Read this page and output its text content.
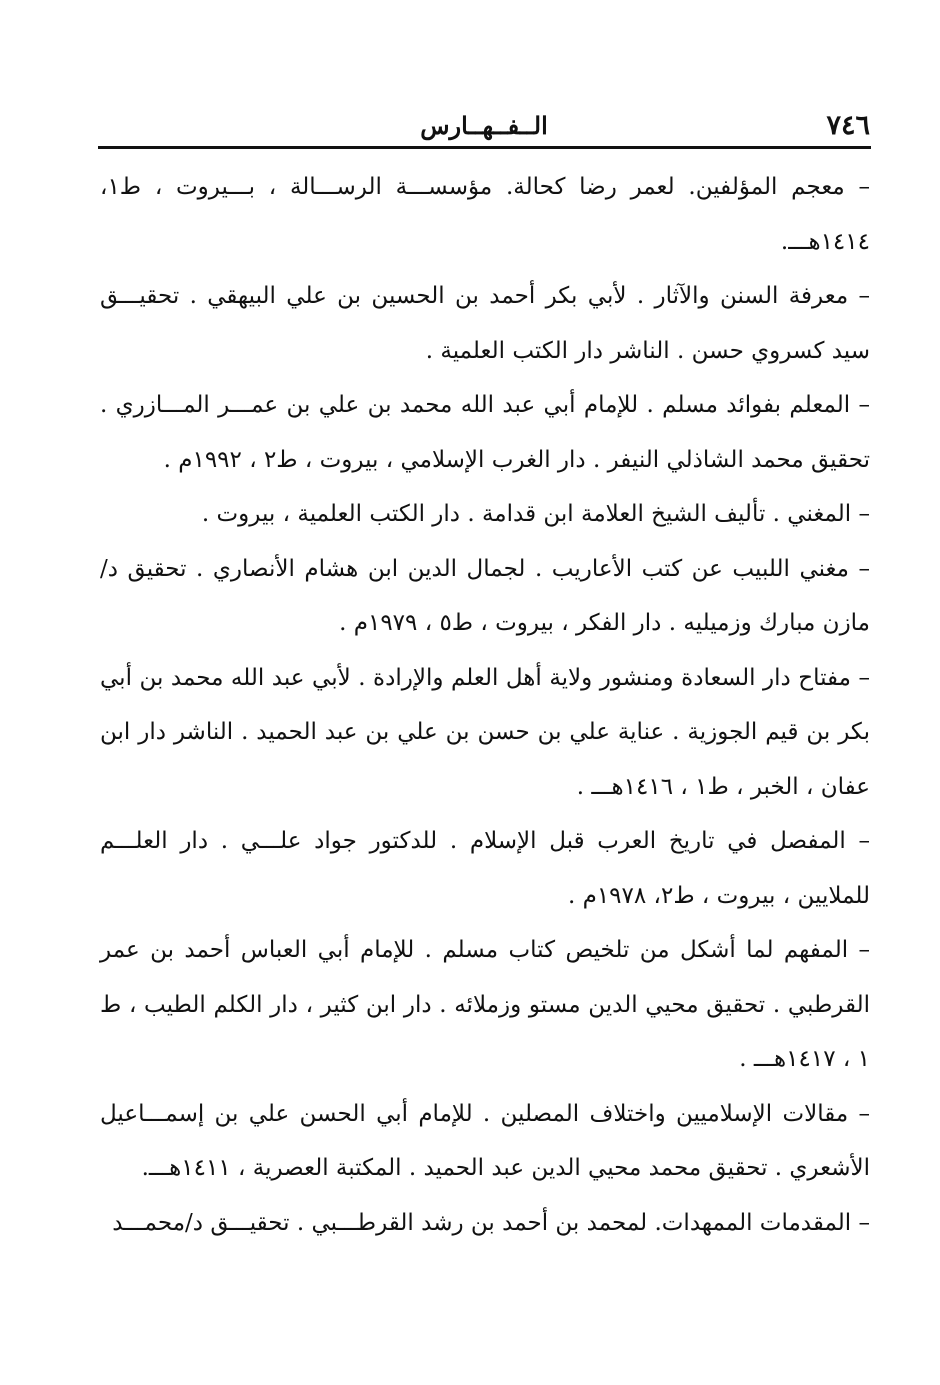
٧٤٦
الــفــهــارس

– معجم المؤلفين. لعمر رضا كحالة. مؤسســـة الرســـالة ، بـــيروت ، ط١، ١٤١٤هـــ.

– معرفة السنن والآثار . لأبي بكر أحمد بن الحسين بن علي البيهقي . تحقيـــق سيد كسروي حسن . الناشر دار الكتب العلمية .

– المعلم بفوائد مسلم . للإمام أبي عبد الله محمد بن علي بن عمـــر المـــازري . تحقيق محمد الشاذلي النيفر . دار الغرب الإسلامي ، بيروت ، ط٢ ، ١٩٩٢م .

– المغني . تأليف الشيخ العلامة ابن قدامة . دار الكتب العلمية ، بيروت .

– مغني اللبيب عن كتب الأعاريب . لجمال الدين ابن هشام الأنصاري . تحقيق د/ مازن مبارك وزميليه . دار الفكر ، بيروت ، ط٥ ، ١٩٧٩م .

– مفتاح دار السعادة ومنشور ولاية أهل العلم والإرادة . لأبي عبد الله محمد بن أبي بكر بن قيم الجوزية . عناية علي بن حسن بن علي بن عبد الحميد . الناشر دار ابن عفان ، الخبر ، ط١ ، ١٤١٦هـــ .

– المفصل في تاريخ العرب قبل الإسلام . للدكتور جواد علـــي . دار العلـــم للملايين ، بيروت ، ط٢، ١٩٧٨م .

– المفهم لما أشكل من تلخيص كتاب مسلم . للإمام أبي العباس أحمد بن عمر القرطبي . تحقيق محيي الدين مستو وزملائه . دار ابن كثير ، دار الكلم الطيب ، ط ١ ، ١٤١٧هـــ .

– مقالات الإسلاميين واختلاف المصلين . للإمام أبي الحسن علي بن إسمـــاعيل الأشعري . تحقيق محمد محيي الدين عبد الحميد . المكتبة العصرية ، ١٤١١هـــ.

– المقدمات الممهدات. لمحمد بن أحمد بن رشد القرطـــبي . تحقيـــق د/محمـــد
